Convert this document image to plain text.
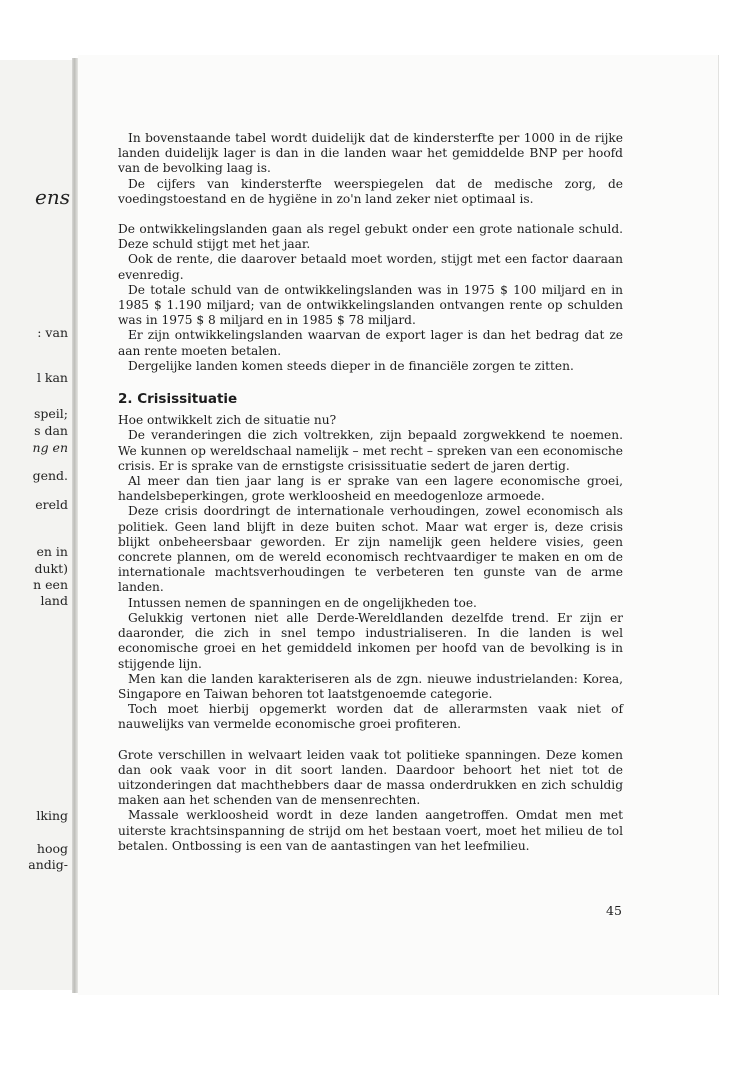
ens
: van
l kan
speil;
s dan
ng en
gend.
ereld
en in
dukt)
n een
land
lking
hoog
andig-

In bovenstaande tabel wordt duidelijk dat de kindersterfte per 1000 in de rijke landen duidelijk lager is dan in die landen waar het gemiddelde BNP per hoofd van de bevolking laag is.

De cijfers van kindersterfte weerspiegelen dat de medische zorg, de voedingstoestand en de hygiëne in zo'n land zeker niet optimaal is.

De ontwikkelingslanden gaan als regel gebukt onder een grote nationale schuld. Deze schuld stijgt met het jaar.

Ook de rente, die daarover betaald moet worden, stijgt met een factor daaraan evenredig.

De totale schuld van de ontwikkelingslanden was in 1975 $ 100 miljard en in 1985 $ 1.190 miljard; van de ontwikkelingslanden ontvangen rente op schulden was in 1975 $ 8 miljard en in 1985 $ 78 miljard.

Er zijn ontwikkelingslanden waarvan de export lager is dan het bedrag dat ze aan rente moeten betalen.

Dergelijke landen komen steeds dieper in de financiële zorgen te zitten.

2. Crisissituatie

Hoe ontwikkelt zich de situatie nu?

De veranderingen die zich voltrekken, zijn bepaald zorgwekkend te noemen. We kunnen op wereldschaal namelijk – met recht – spreken van een economische crisis. Er is sprake van de ernstigste crisissituatie sedert de jaren dertig.

Al meer dan tien jaar lang is er sprake van een lagere economische groei, handelsbeperkingen, grote werkloosheid en meedogenloze armoede.

Deze crisis doordringt de internationale verhoudingen, zowel economisch als politiek. Geen land blijft in deze buiten schot. Maar wat erger is, deze crisis blijkt onbeheersbaar geworden. Er zijn namelijk geen heldere visies, geen concrete plannen, om de wereld economisch rechtvaardiger te maken en om de internationale machtsverhoudingen te verbeteren ten gunste van de arme landen.

Intussen nemen de spanningen en de ongelijkheden toe.

Gelukkig vertonen niet alle Derde-Wereldlanden dezelfde trend. Er zijn er daaronder, die zich in snel tempo industrialiseren. In die landen is wel economische groei en het gemiddeld inkomen per hoofd van de bevolking is in stijgende lijn.

Men kan die landen karakteriseren als de zgn. nieuwe industrielanden: Korea, Singapore en Taiwan behoren tot laatstgenoemde categorie.

Toch moet hierbij opgemerkt worden dat de allerarmsten vaak niet of nauwelijks van vermelde economische groei profiteren.

Grote verschillen in welvaart leiden vaak tot politieke spanningen. Deze komen dan ook vaak voor in dit soort landen. Daardoor behoort het niet tot de uitzonderingen dat machthebbers daar de massa onderdrukken en zich schuldig maken aan het schenden van de mensenrechten.

Massale werkloosheid wordt in deze landen aangetroffen. Omdat men met uiterste krachtsinspanning de strijd om het bestaan voert, moet het milieu de tol betalen. Ontbossing is een van de aantastingen van het leefmilieu.

45
